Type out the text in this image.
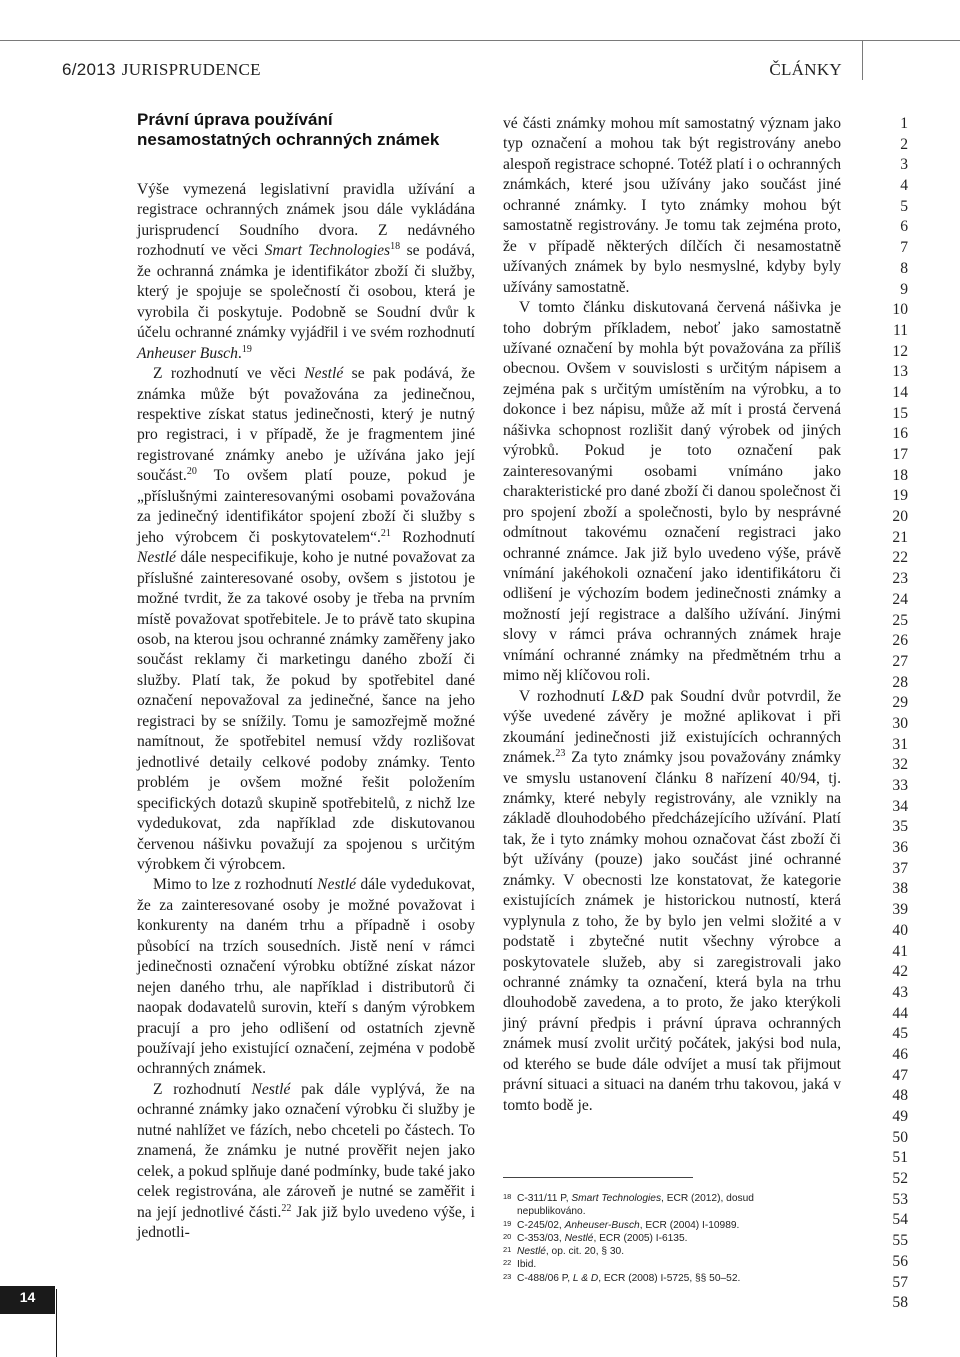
6/2013 JURISPRUDENCE	ČLÁNKY
Právní úprava používání
nesamostatných ochranných známek

Výše vymezená legislativní pravidla užívání a registrace ochranných známek jsou dále vykládána jurisprudencí Soudního dvora. Z nedávného rozhodnutí ve věci Smart Technologies$^{18}$ se podává, že ochranná známka je identifikátor zboží či služby, který je spojuje se společností či osobou, která je vyrobila či poskytuje. Podobně se Soudní dvůr k účelu ochranné známky vyjádřil i ve svém rozhodnutí Anheuser Busch.$^{19}$

Z rozhodnutí ve věci Nestlé se pak podává, že známka může být považována za jedinečnou, respektive získat status jedinečnosti, který je nutný pro registraci, i v případě, že je fragmentem jiné registrované známky anebo je užívána jako její součást.$^{20}$ To ovšem platí pouze, pokud je „příslušnými zainteresovanými osobami považována za jedinečný identifikátor spojení zboží či služby s jeho výrobcem či poskytovatelem“.$^{21}$ Rozhodnutí Nestlé dále nespecifikuje, koho je nutné považovat za příslušné zainteresované osoby, ovšem s jistotou je možné tvrdit, že za takové osoby je třeba na prvním místě považovat spotřebitele. Je to právě tato skupina osob, na kterou jsou ochranné známky zaměřeny jako součást reklamy či marketingu daného zboží či služby. Platí tak, že pokud by spotřebitel dané označení nepovažoval za jedinečné, šance na jeho registraci by se snížily. Tomu je samozřejmě možné namítnout, že spotřebitel nemusí vždy rozlišovat jednotlivé detaily celkové podoby známky. Tento problém je ovšem možné řešit položením specifických dotazů skupině spotřebitelů, z nichž lze vydedukovat, zda například zde diskutovanou červenou nášivku považují za spojenou s určitým výrobkem či výrobcem.

Mimo to lze z rozhodnutí Nestlé dále vydedukovat, že za zainteresované osoby je možné považovat i konkurenty na daném trhu a případně i osoby působící na trzích sousedních. Jistě není v rámci jedinečnosti označení výrobku obtížné získat názor nejen daného trhu, ale například i distributorů či naopak dodavatelů surovin, kteří s daným výrobkem pracují a pro jeho odlišení od ostatních zjevně používají jeho existující označení, zejména v podobě ochranných známek.

Z rozhodnutí Nestlé pak dále vyplývá, že na ochranné známky jako označení výrobku či služby je nutné nahlížet ve fázích, nebo chceteli po částech. To znamená, že známku je nutné prověřit nejen jako celek, a pokud splňuje dané podmínky, bude také jako celek registrována, ale zároveň je nutné se zaměřit i na její jednotlivé části.$^{22}$ Jak již bylo uvedeno výše, i jednotli-

vé části známky mohou mít samostatný význam jako typ označení a mohou tak být registrovány anebo alespoň registrace schopné. Totéž platí i o ochranných známkách, které jsou užívány jako součást jiné ochranné známky. I tyto známky mohou být samostatně registrovány. Je tomu tak zejména proto, že v případě některých dílčích či nesamostatně užívaných známek by bylo nesmyslné, kdyby byly užívány samostatně.

V tomto článku diskutovaná červená nášivka je toho dobrým příkladem, neboť jako samostatně užívané označení by mohla být považována za příliš obecnou. Ovšem v souvislosti s určitým nápisem a zejména pak s určitým umístěním na výrobku, a to dokonce i bez nápisu, může až mít i prostá červená nášivka schopnost rozlišit daný výrobek od jiných výrobků. Pokud je toto označení pak zainteresovanými osobami vnímáno jako charakteristické pro dané zboží či danou společnost či pro spojení zboží a společnosti, bylo by nesprávné odmítnout takovému označení registraci jako ochranné známce. Jak již bylo uvedeno výše, právě vnímání jakéhokoli označení jako identifikátoru či odlišení je výchozím bodem jedinečnosti známky a možností její registrace a dalšího užívání. Jinými slovy v rámci práva ochranných známek hraje vnímání ochranné známky na předmětném trhu a mimo něj klíčovou roli.

V rozhodnutí L&D pak Soudní dvůr potvrdil, že výše uvedené závěry je možné aplikovat i při zkoumání jedinečnosti již existujících ochranných známek.$^{23}$ Za tyto známky jsou považovány známky ve smyslu ustanovení článku 8 nařízení 40/94, tj. známky, které nebyly registrovány, ale vznikly na základě dlouhodobého předcházejícího užívání. Platí tak, že i tyto známky mohou označovat část zboží či být užívány (pouze) jako součást jiné ochranné známky. V obecnosti lze konstatovat, že kategorie existujících známek je historickou nutností, která vyplynula z toho, že by bylo jen velmi složité a v podstatě i zbytečné nutit všechny výrobce a poskytovatele služeb, aby si zaregistrovali jako ochranné známky ta označení, která byla na trhu dlouhodobě zavedena, a to proto, že jako kterýkoli jiný právní předpis i právní úprava ochranných známek musí zvolit určitý počátek, jakýsi bod nula, od kterého se bude dále odvíjet a musí tak přijmout právní situaci a situaci na daném trhu takovou, jaká v tomto bodě je.

1
2
3
4
5
6
7
8
9
10
11
12
13
14
15
16
17
18
19
20
21
22
23
24
25
26
27
28
29
30
31
32
33
34
35
36
37
38
39
40
41
42
43
44
45
46
47
48
49
50
51
52
53
54
55
56
57
58
18 C-311/11 P, Smart Technologies, ECR (2012), dosud nepublikováno.
19 C-245/02, Anheuser-Busch, ECR (2004) I-10989.
20 C-353/03, Nestlé, ECR (2005) I-6135.
21 Nestlé, op. cit. 20, § 30.
22 Ibid.
23 C-488/06 P, L & D, ECR (2008) I-5725, §§ 50–52.
14
